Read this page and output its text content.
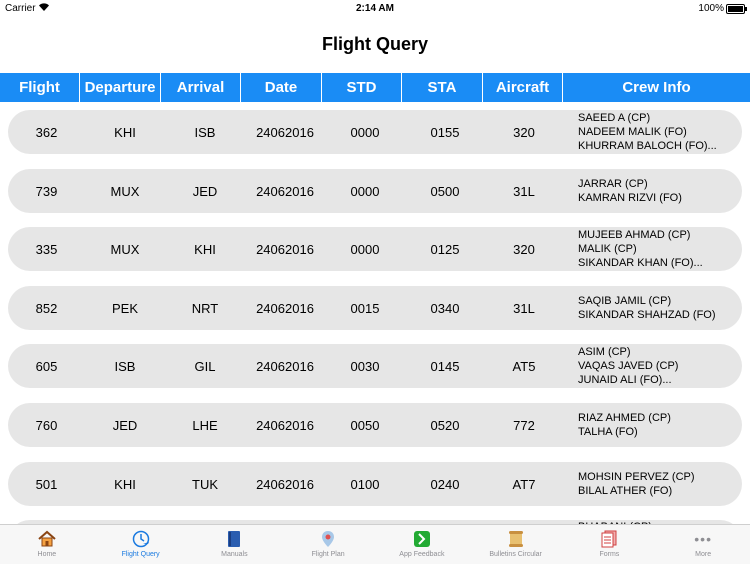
Carrier	2:14 AM	100%
Flight Query
Flight	Departure	Arrival	Date	STD	STA	Aircraft	Crew Info
362	KHI	ISB	24062016	0000	0155	320
SAEED A (CP)
NADEEM MALIK (FO)
KHURRAM BALOCH (FO)...
739	MUX	JED	24062016	0000	0500	31L	JARRAR (CP)
KAMRAN RIZVI (FO)
335	MUX	KHI	24062016	0000	0125	320
MUJEEB AHMAD (CP)
MALIK (CP)
SIKANDAR KHAN (FO)...
852	PEK	NRT	24062016	0015	0340	31L	SAQIB JAMIL (CP)
SIKANDAR SHAHZAD (FO)
605	ISB	GIL	24062016	0030	0145	AT5
ASIM (CP)
VAQAS JAVED (CP)
JUNAID ALI (FO)...
760	JED	LHE	24062016	0050	0520	772	RIAZ AHMED (CP)
TALHA (FO)
501	KHI	TUK	24062016	0100	0240	AT7	MOHSIN PERVEZ (CP)
BILAL ATHER (FO)
Home	Flight Query	Manuals	Flight Plan	App Feedback	Bulletins Circular	Forms
•••
More
